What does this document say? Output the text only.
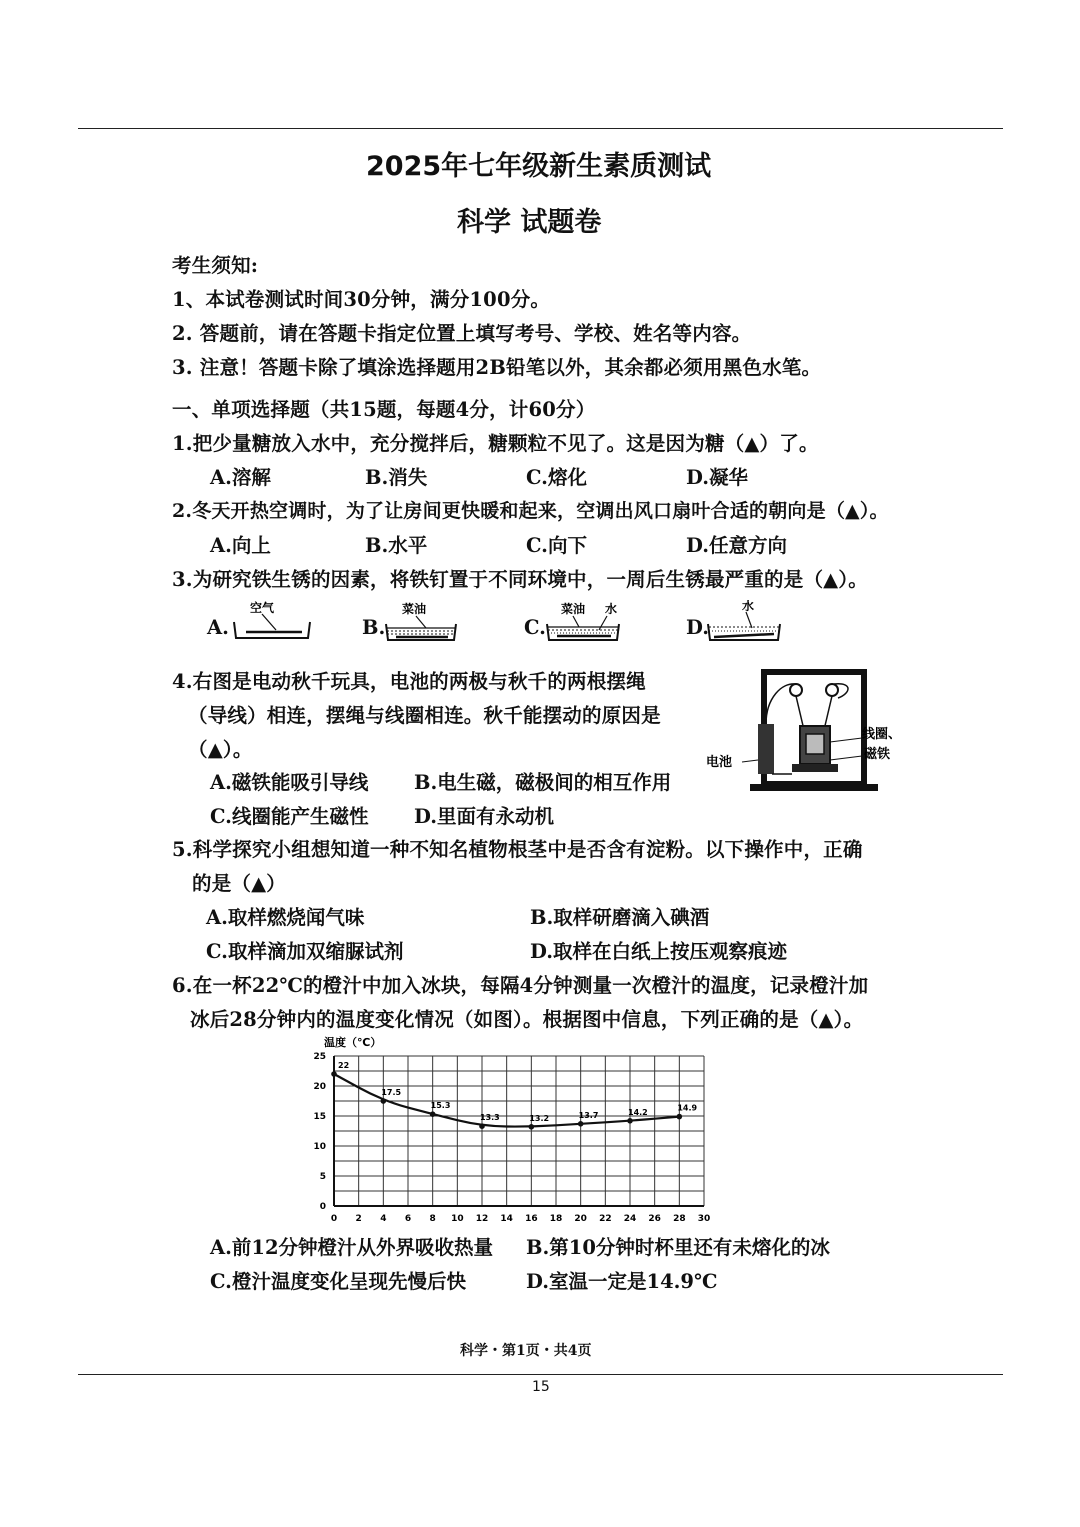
2025年七年级新生素质测试
科学 试题卷
考生须知:
1、本试卷测试时间30分钟，满分100分。
2. 答题前，请在答题卡指定位置上填写考号、学校、姓名等内容。
3. 注意！答题卡除了填涂选择题用2B铅笔以外，其余都必须用黑色水笔。
一、单项选择题（共15题，每题4分，计60分）
1.把少量糖放入水中，充分搅拌后，糖颗粒不见了。这是因为糖（▲）了。
A.溶解	B.消失	C.熔化	D.凝华
2.冬天开热空调时，为了让房间更快暖和起来，空调出风口扇叶合适的朝向是（▲）。
A.向上	B.水平	C.向下	D.任意方向
3.为研究铁生锈的因素，将铁钉置于不同环境中，一周后生锈最严重的是（▲）。
A.	B.	C.	D.
空气	菜油	菜油 水	水
4.右图是电动秋千玩具，电池的两极与秋千的两根摆绳
（导线）相连，摆绳与线圈相连。秋千能摆动的原因是
（▲）。
A.磁铁能吸引导线 B.电生磁，磁极间的相互作用
C.线圈能产生磁性 D.里面有永动机
线圈、
磁铁
电池
5.科学探究小组想知道一种不知名植物根茎中是否含有淀粉。以下操作中，正确
的是（▲）
A.取样燃烧闻气味	B.取样研磨滴入碘酒
C.取样滴加双缩脲试剂	D.取样在白纸上按压观察痕迹
6.在一杯22℃的橙汁中加入冰块，每隔4分钟测量一次橙汁的温度，记录橙汁加
冰后28分钟内的温度变化情况（如图）。根据图中信息，下列正确的是（▲）。
0 2 4 6 8 10 12 14 16 18 20 22 24 26 28 30
0
5
10
15
20
25
22
17.5
15.3
13.3	13.2	13.7	14.2	14.9
温度（℃）
A.前12分钟橙汁从外界吸收热量 B.第10分钟时杯里还有未熔化的冰
C.橙汁温度变化呈现先慢后快	D.室温一定是14.9℃
科学・第1页・共4页
15
